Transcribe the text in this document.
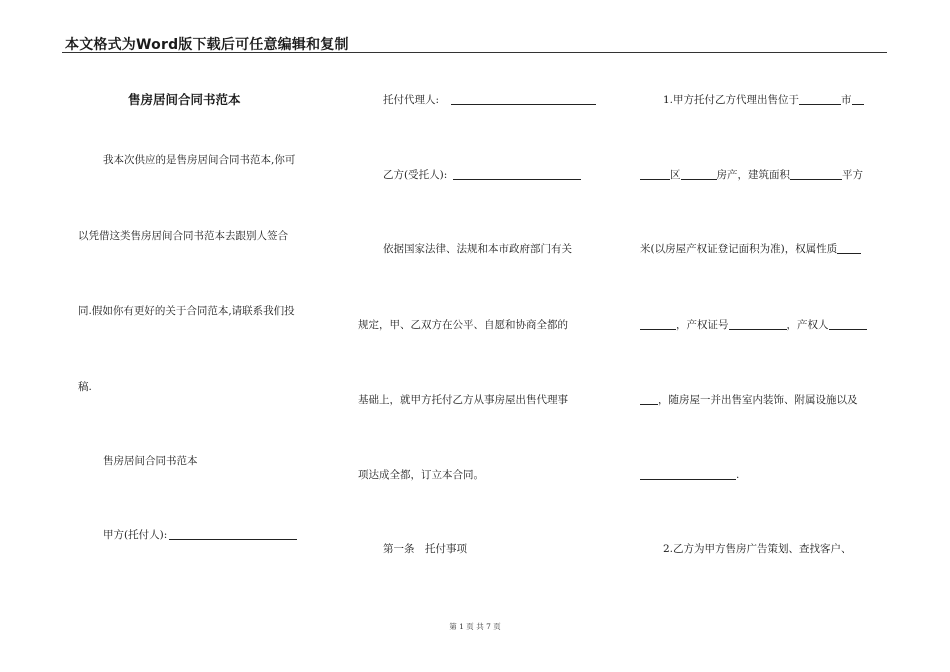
本文格式为Word版下载后可任意编辑和复制
售房居间合同书范本
我本次供应的是售房居间合同书范本,你可
以凭借这类售房居间合同书范本去跟别人签合
同.假如你有更好的关于合同范本,请联系我们投
稿.
售房居间合同书范本
甲方(托付人):
托付代理人:
乙方(受托人):
依据国家法律、法规和本市政府部门有关
规定，甲、乙双方在公平、自愿和协商全都的
基础上，就甲方托付乙方从事房屋出售代理事
项达成全都，订立本合同。
第一条　托付事项
1.甲方托付乙方代理出售位于	市
区	房产，建筑面积	平方
米(以房屋产权证登记面积为准)，权属性质
，产权证号	，产权人
，随房屋一并出售室内装饰、附属设施以及
.
2.乙方为甲方售房广告策划、查找客户、
第 1 页 共 7 页
